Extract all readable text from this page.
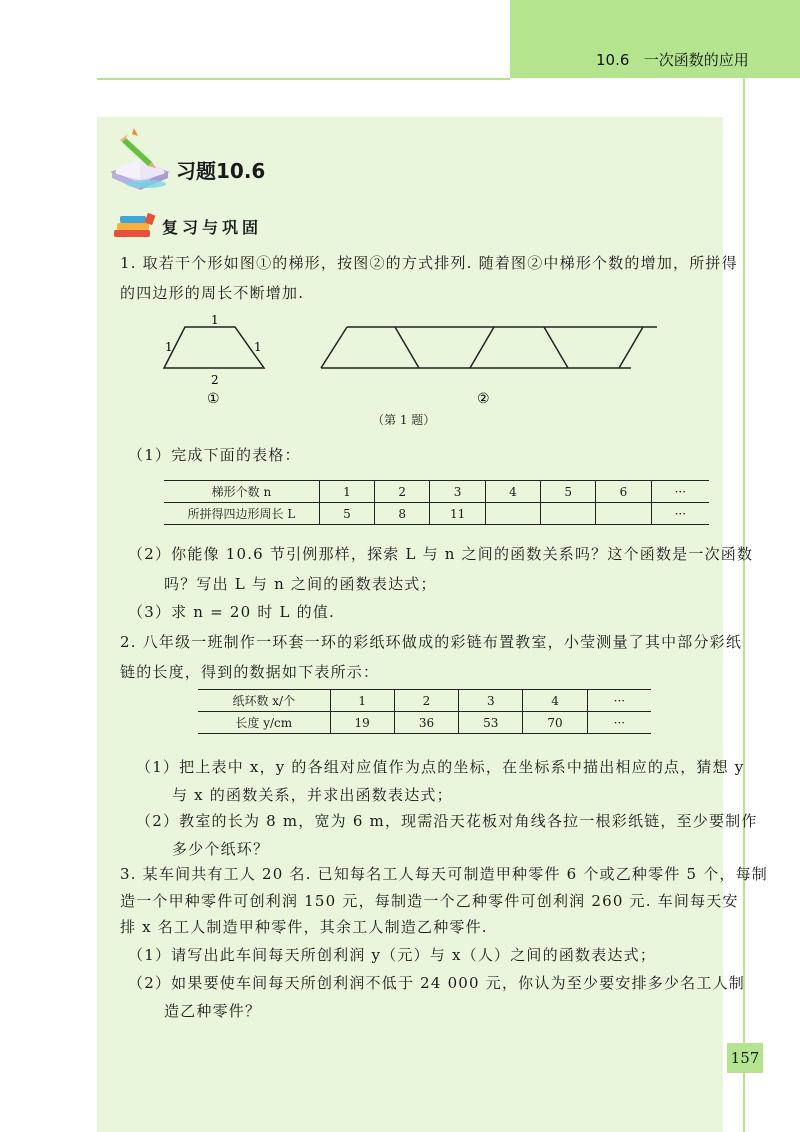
10.6 一次函数的应用
习题10.6
复习与巩固
1. 取若干个形如图①的梯形，按图②的方式排列. 随着图②中梯形个数的增加，所拼得
的四边形的周长不断增加.
1
1	1
2
①	②
（第 1 题）
（1）完成下面的表格：
梯形个数 n	1	2	3	4	5	6	···
所拼得四边形周长 L	5	8	11				···
（2）你能像 10.6 节引例那样，探索 L 与 n 之间的函数关系吗？这个函数是一次函数
吗？写出 L 与 n 之间的函数表达式；
（3）求 n = 20 时 L 的值.
2. 八年级一班制作一环套一环的彩纸环做成的彩链布置教室，小莹测量了其中部分彩纸
链的长度，得到的数据如下表所示：
纸环数 x/个	1	2	3	4	···
长度 y/cm	19	36	53	70	···
（1）把上表中 x，y 的各组对应值作为点的坐标，在坐标系中描出相应的点，猜想 y
与 x 的函数关系，并求出函数表达式；
（2）教室的长为 8 m，宽为 6 m，现需沿天花板对角线各拉一根彩纸链，至少要制作
多少个纸环？
3. 某车间共有工人 20 名. 已知每名工人每天可制造甲种零件 6 个或乙种零件 5 个，每制
造一个甲种零件可创利润 150 元，每制造一个乙种零件可创利润 260 元. 车间每天安
排 x 名工人制造甲种零件，其余工人制造乙种零件.
（1）请写出此车间每天所创利润 y（元）与 x（人）之间的函数表达式；
（2）如果要使车间每天所创利润不低于 24 000 元，你认为至少要安排多少名工人制
造乙种零件？
157
